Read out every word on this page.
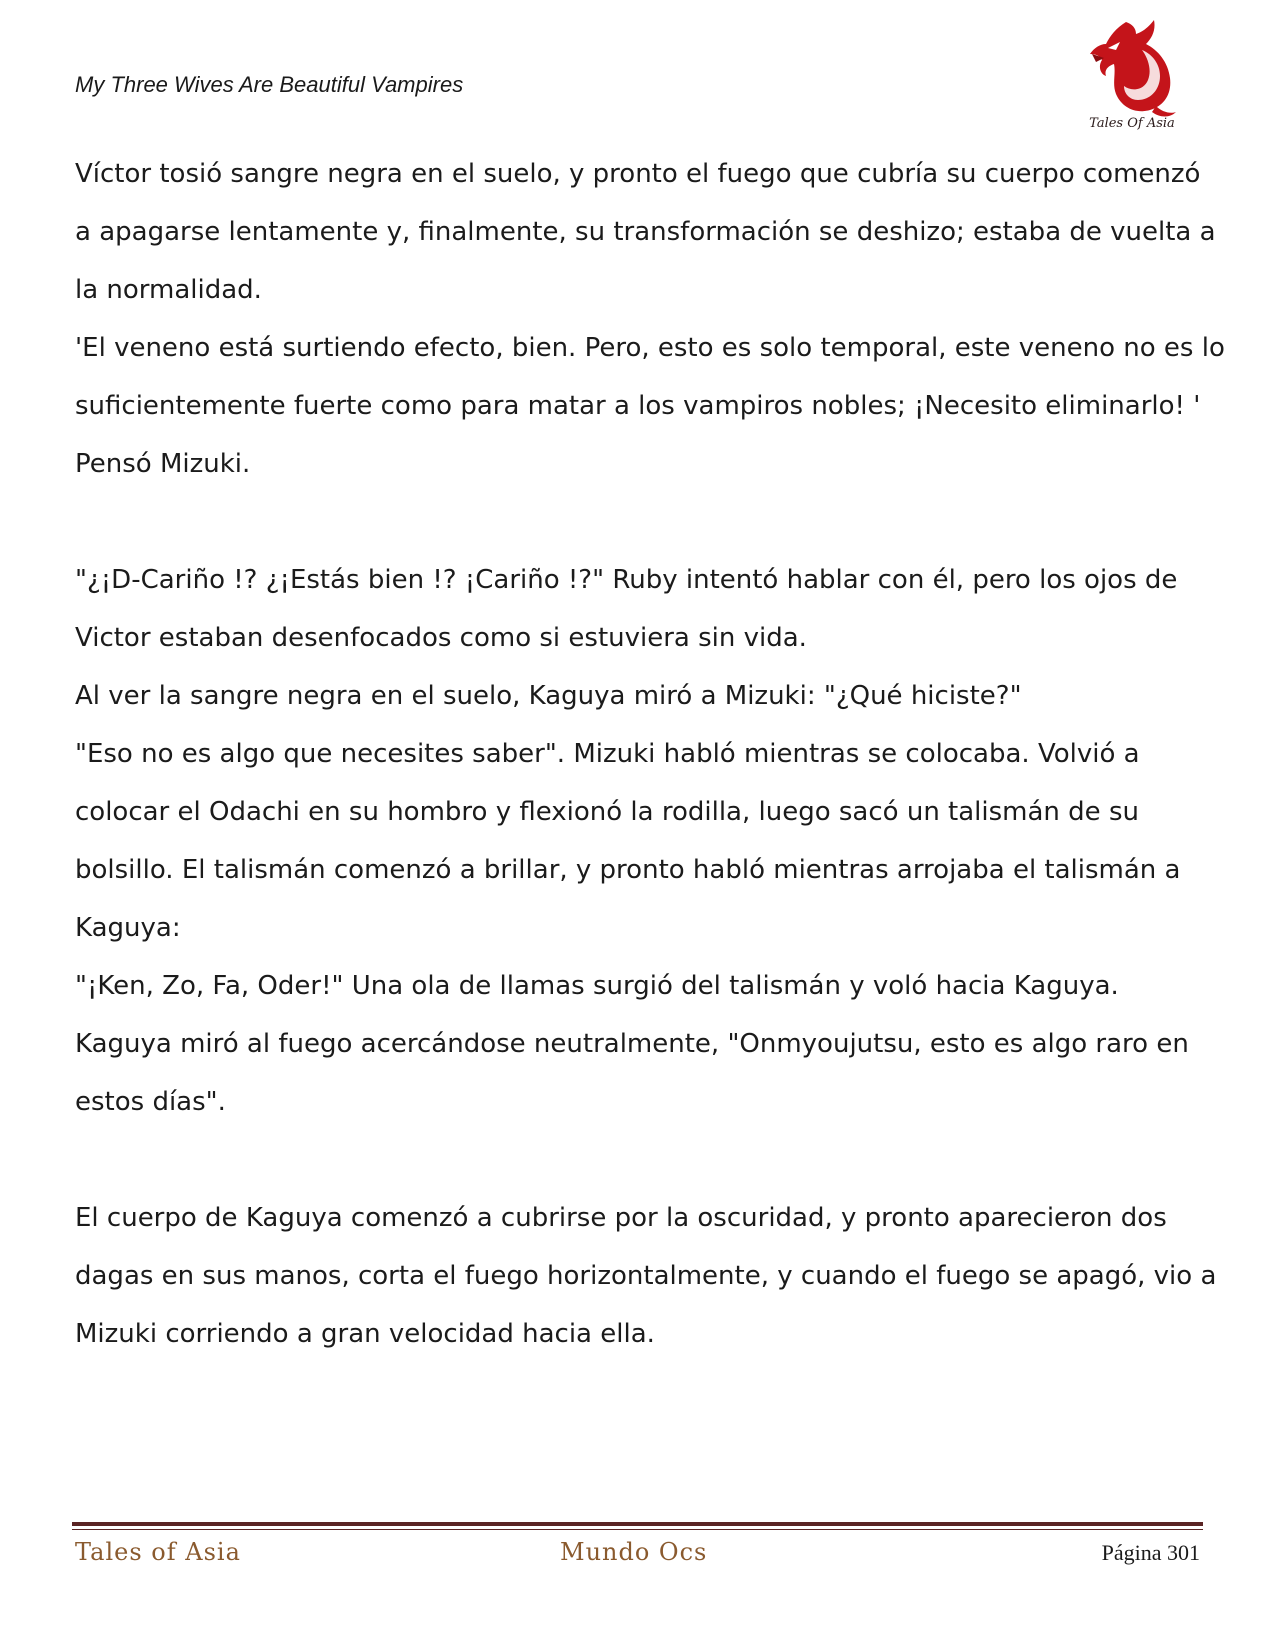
My Three Wives Are Beautiful Vampires
Tales Of Asia

Víctor tosió sangre negra en el suelo, y pronto el fuego que cubría su cuerpo comenzó

a apagarse lentamente y, finalmente, su transformación se deshizo; estaba de vuelta a

la normalidad.

'El veneno está surtiendo efecto, bien. Pero, esto es solo temporal, este veneno no es lo

suficientemente fuerte como para matar a los vampiros nobles; ¡Necesito eliminarlo! '

Pensó Mizuki.

"¿¡D-Cariño !? ¿¡Estás bien !? ¡Cariño !?" Ruby intentó hablar con él, pero los ojos de

Victor estaban desenfocados como si estuviera sin vida.

Al ver la sangre negra en el suelo, Kaguya miró a Mizuki: "¿Qué hiciste?"

"Eso no es algo que necesites saber". Mizuki habló mientras se colocaba. Volvió a

colocar el Odachi en su hombro y flexionó la rodilla, luego sacó un talismán de su

bolsillo. El talismán comenzó a brillar, y pronto habló mientras arrojaba el talismán a

Kaguya:

"¡Ken, Zo, Fa, Oder!" Una ola de llamas surgió del talismán y voló hacia Kaguya.

Kaguya miró al fuego acercándose neutralmente, "Onmyoujutsu, esto es algo raro en

estos días".

El cuerpo de Kaguya comenzó a cubrirse por la oscuridad, y pronto aparecieron dos

dagas en sus manos, corta el fuego horizontalmente, y cuando el fuego se apagó, vio a

Mizuki corriendo a gran velocidad hacia ella.

Tales of Asia	Mundo Ocs	Página 301
